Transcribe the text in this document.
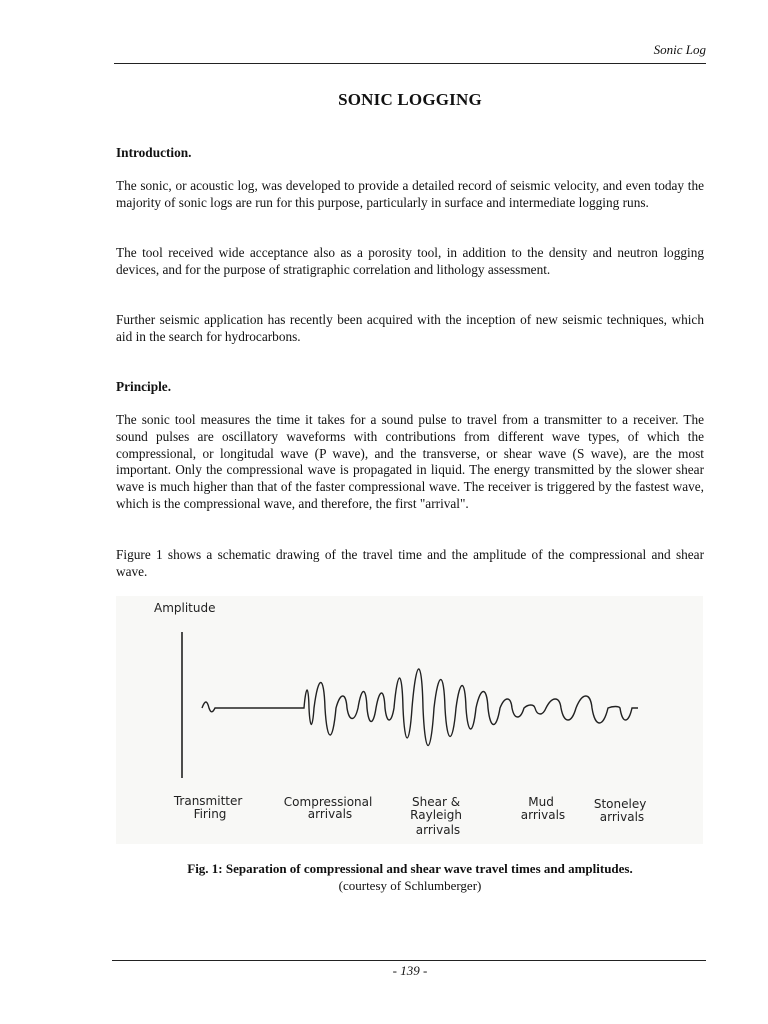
Sonic Log
SONIC LOGGING

Introduction.

The sonic, or acoustic log, was developed to provide a detailed record of seismic velocity, and even today the majority of sonic logs are run for this purpose, particularly in surface and intermediate logging runs.

The tool received wide acceptance also as a porosity tool, in addition to the density and neutron logging devices, and for the purpose of stratigraphic correlation and lithology assessment.

Further seismic application has recently been acquired with the inception of new seismic techniques, which aid in the search for hydrocarbons.

Principle.

The sonic tool measures the time it takes for a sound pulse to travel from a transmitter to a receiver. The sound pulses are oscillatory waveforms with contributions from different wave types, of which the compressional, or longitudal wave (P wave), and the transverse, or shear wave (S wave), are the most important. Only the compressional wave is propagated in liquid. The energy transmitted by the slower shear wave is much higher than that of the faster compressional wave. The receiver is triggered by the fastest wave, which is the compressional wave, and therefore, the first "arrival".

Figure 1 shows a schematic drawing of the travel time and the amplitude of the compressional and shear wave.

Amplitude
Transmitter Firing
Compressional arrivals
Shear & Rayleigh arrivals
Mud arrivals
Stoneley arrivals
Fig. 1: Separation of compressional and shear wave travel times and amplitudes.
(courtesy of Schlumberger)
- 139 -
